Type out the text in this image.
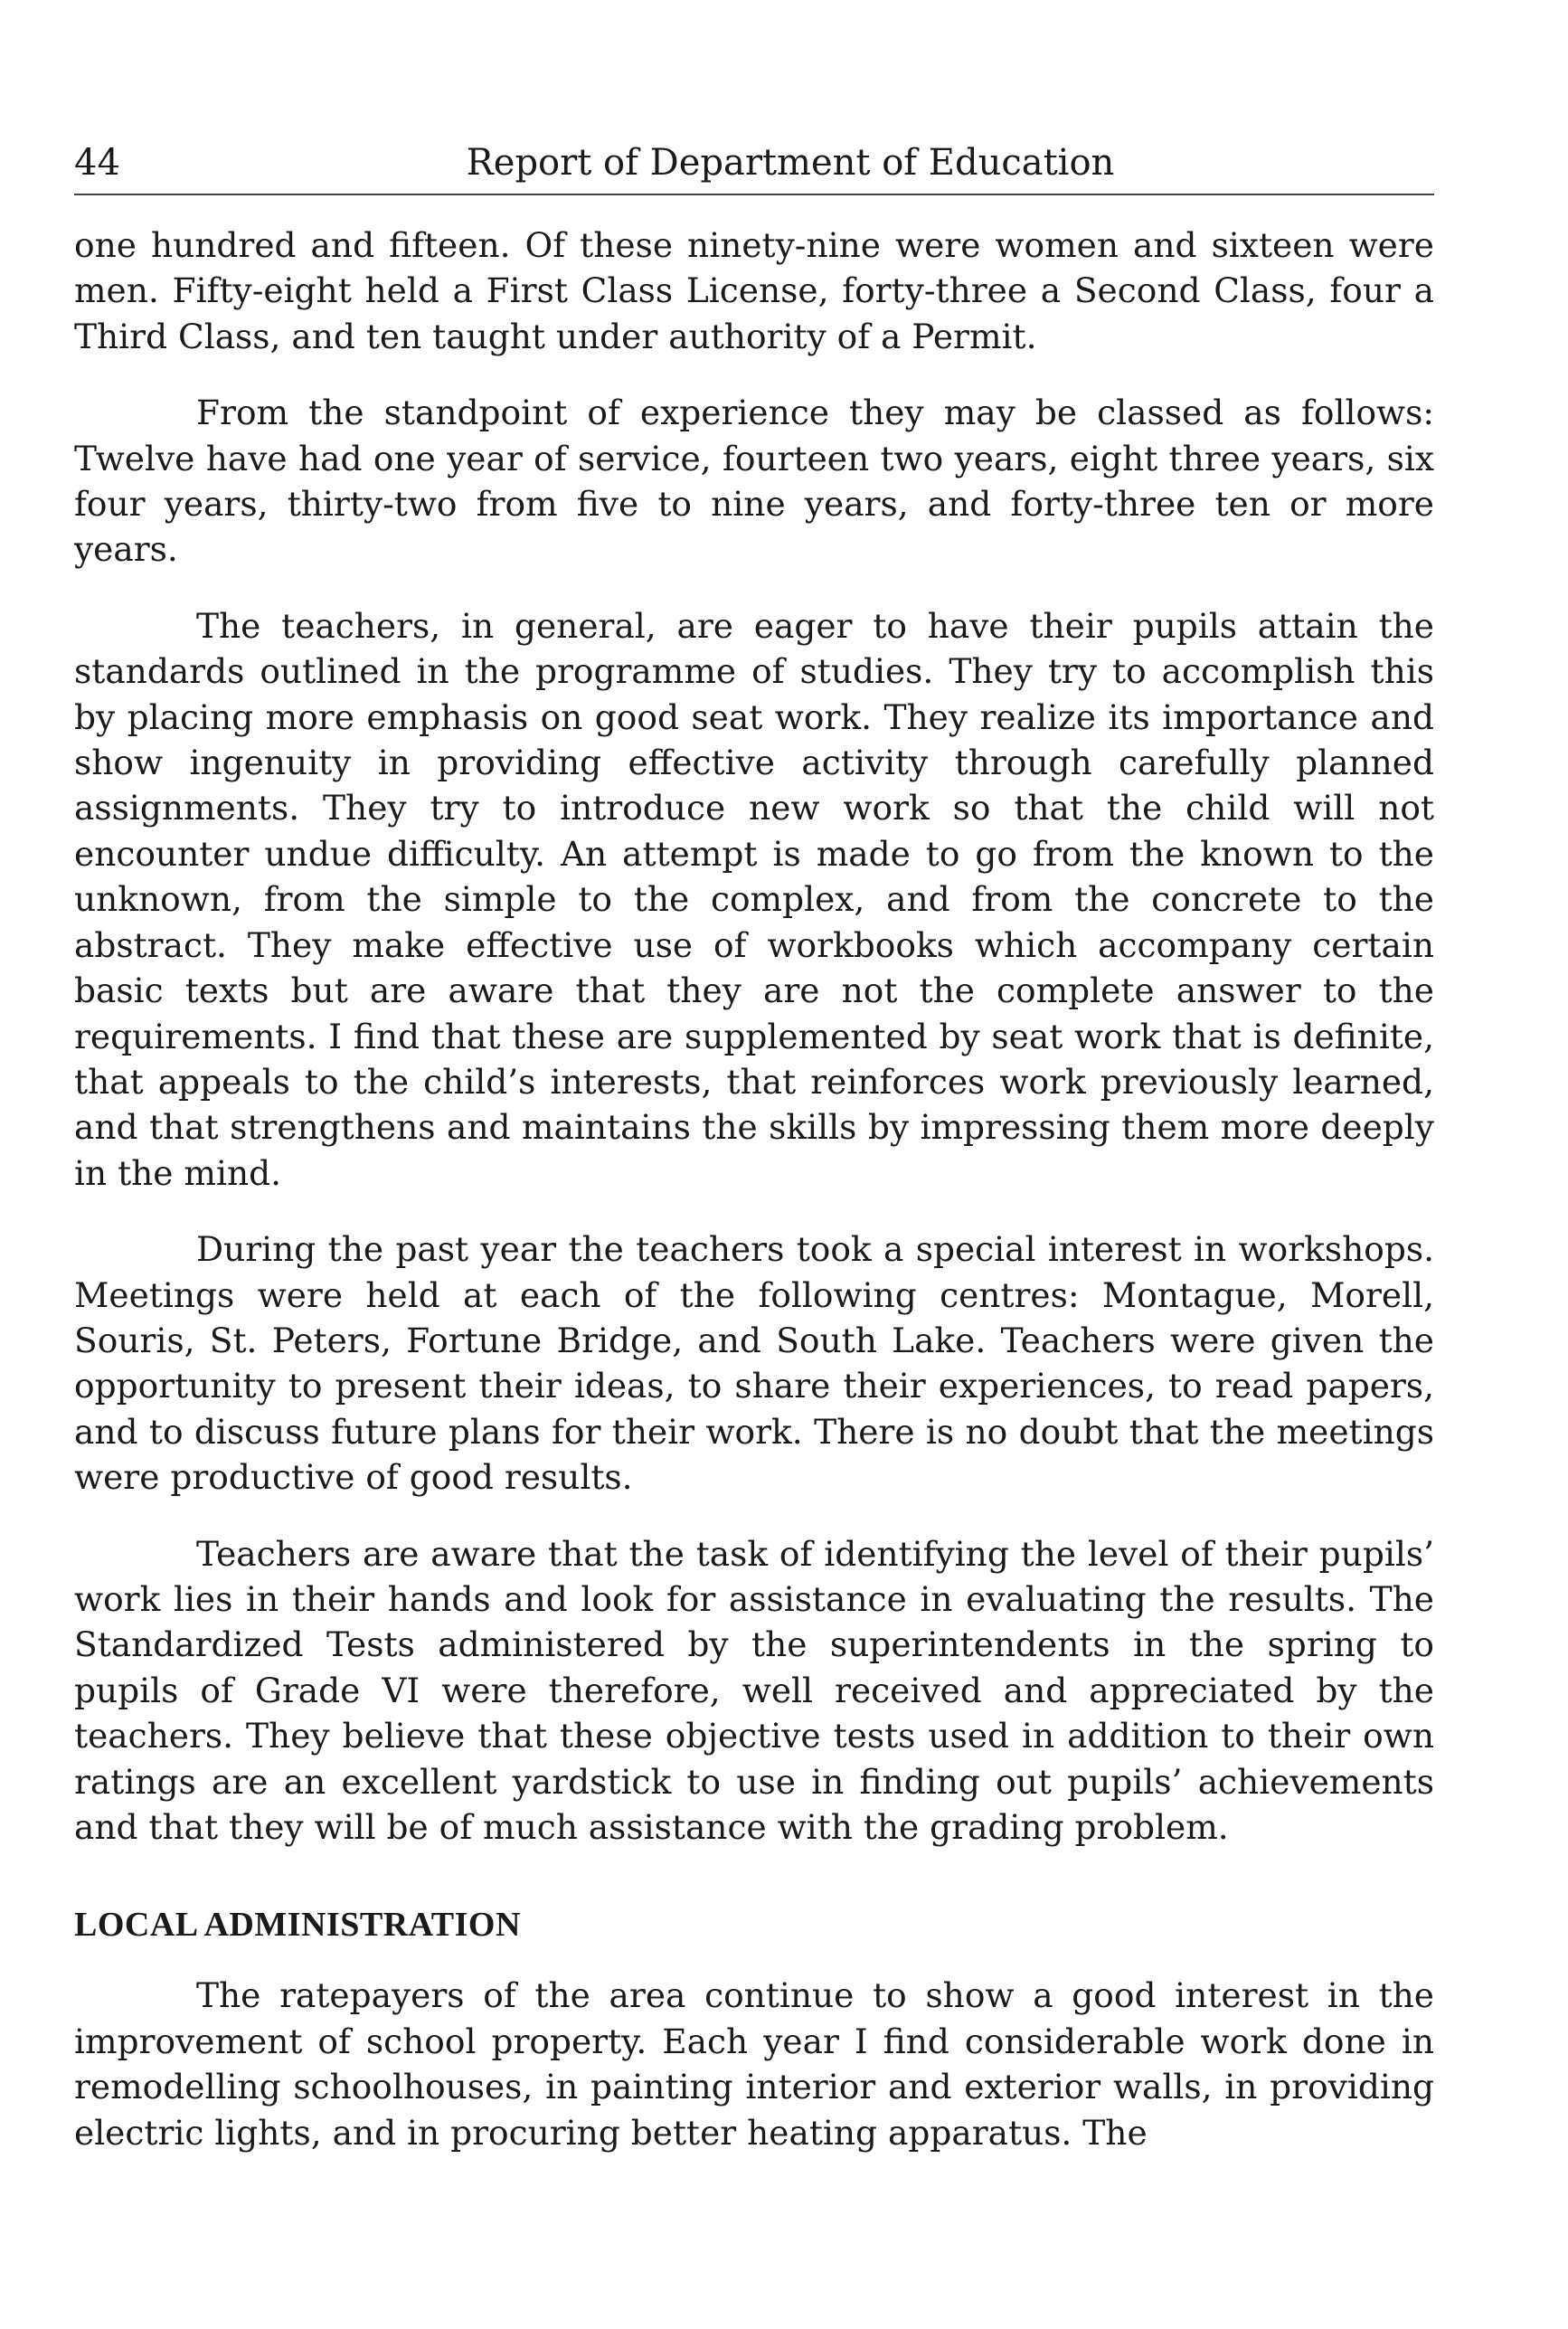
44	Report of Department of Education

one hundred and fifteen. Of these ninety-nine were women and sixteen were men. Fifty-eight held a First Class License, forty-three a Second Class, four a Third Class, and ten taught under authority of a Permit.

From the standpoint of experience they may be classed as follows: Twelve have had one year of service, fourteen two years, eight three years, six four years, thirty-two from five to nine years, and forty-three ten or more years.

The teachers, in general, are eager to have their pupils attain the standards outlined in the programme of studies. They try to accomplish this by placing more emphasis on good seat work. They realize its importance and show ingenuity in providing effective activity through carefully planned assignments. They try to introduce new work so that the child will not encounter undue difficulty. An attempt is made to go from the known to the unknown, from the simple to the complex, and from the concrete to the abstract. They make effective use of workbooks which accompany certain basic texts but are aware that they are not the complete answer to the requirements. I find that these are supplemented by seat work that is definite, that appeals to the child’s interests, that reinforces work previously learned, and that strengthens and maintains the skills by impressing them more deeply in the mind.

During the past year the teachers took a special interest in workshops. Meetings were held at each of the following centres: Montague, Morell, Souris, St. Peters, Fortune Bridge, and South Lake. Teachers were given the opportunity to present their ideas, to share their experiences, to read papers, and to discuss future plans for their work. There is no doubt that the meetings were productive of good results.

Teachers are aware that the task of identifying the level of their pupils’ work lies in their hands and look for assistance in evaluating the results. The Standardized Tests administered by the superintendents in the spring to pupils of Grade VI were therefore, well received and appreciated by the teachers. They believe that these objective tests used in addition to their own ratings are an excellent yardstick to use in finding out pupils’ achievements and that they will be of much assistance with the grading problem.

LOCAL ADMINISTRATION

The ratepayers of the area continue to show a good interest in the improvement of school property. Each year I find considerable work done in remodelling schoolhouses, in painting interior and exterior walls, in providing electric lights, and in procuring better heating apparatus. The
